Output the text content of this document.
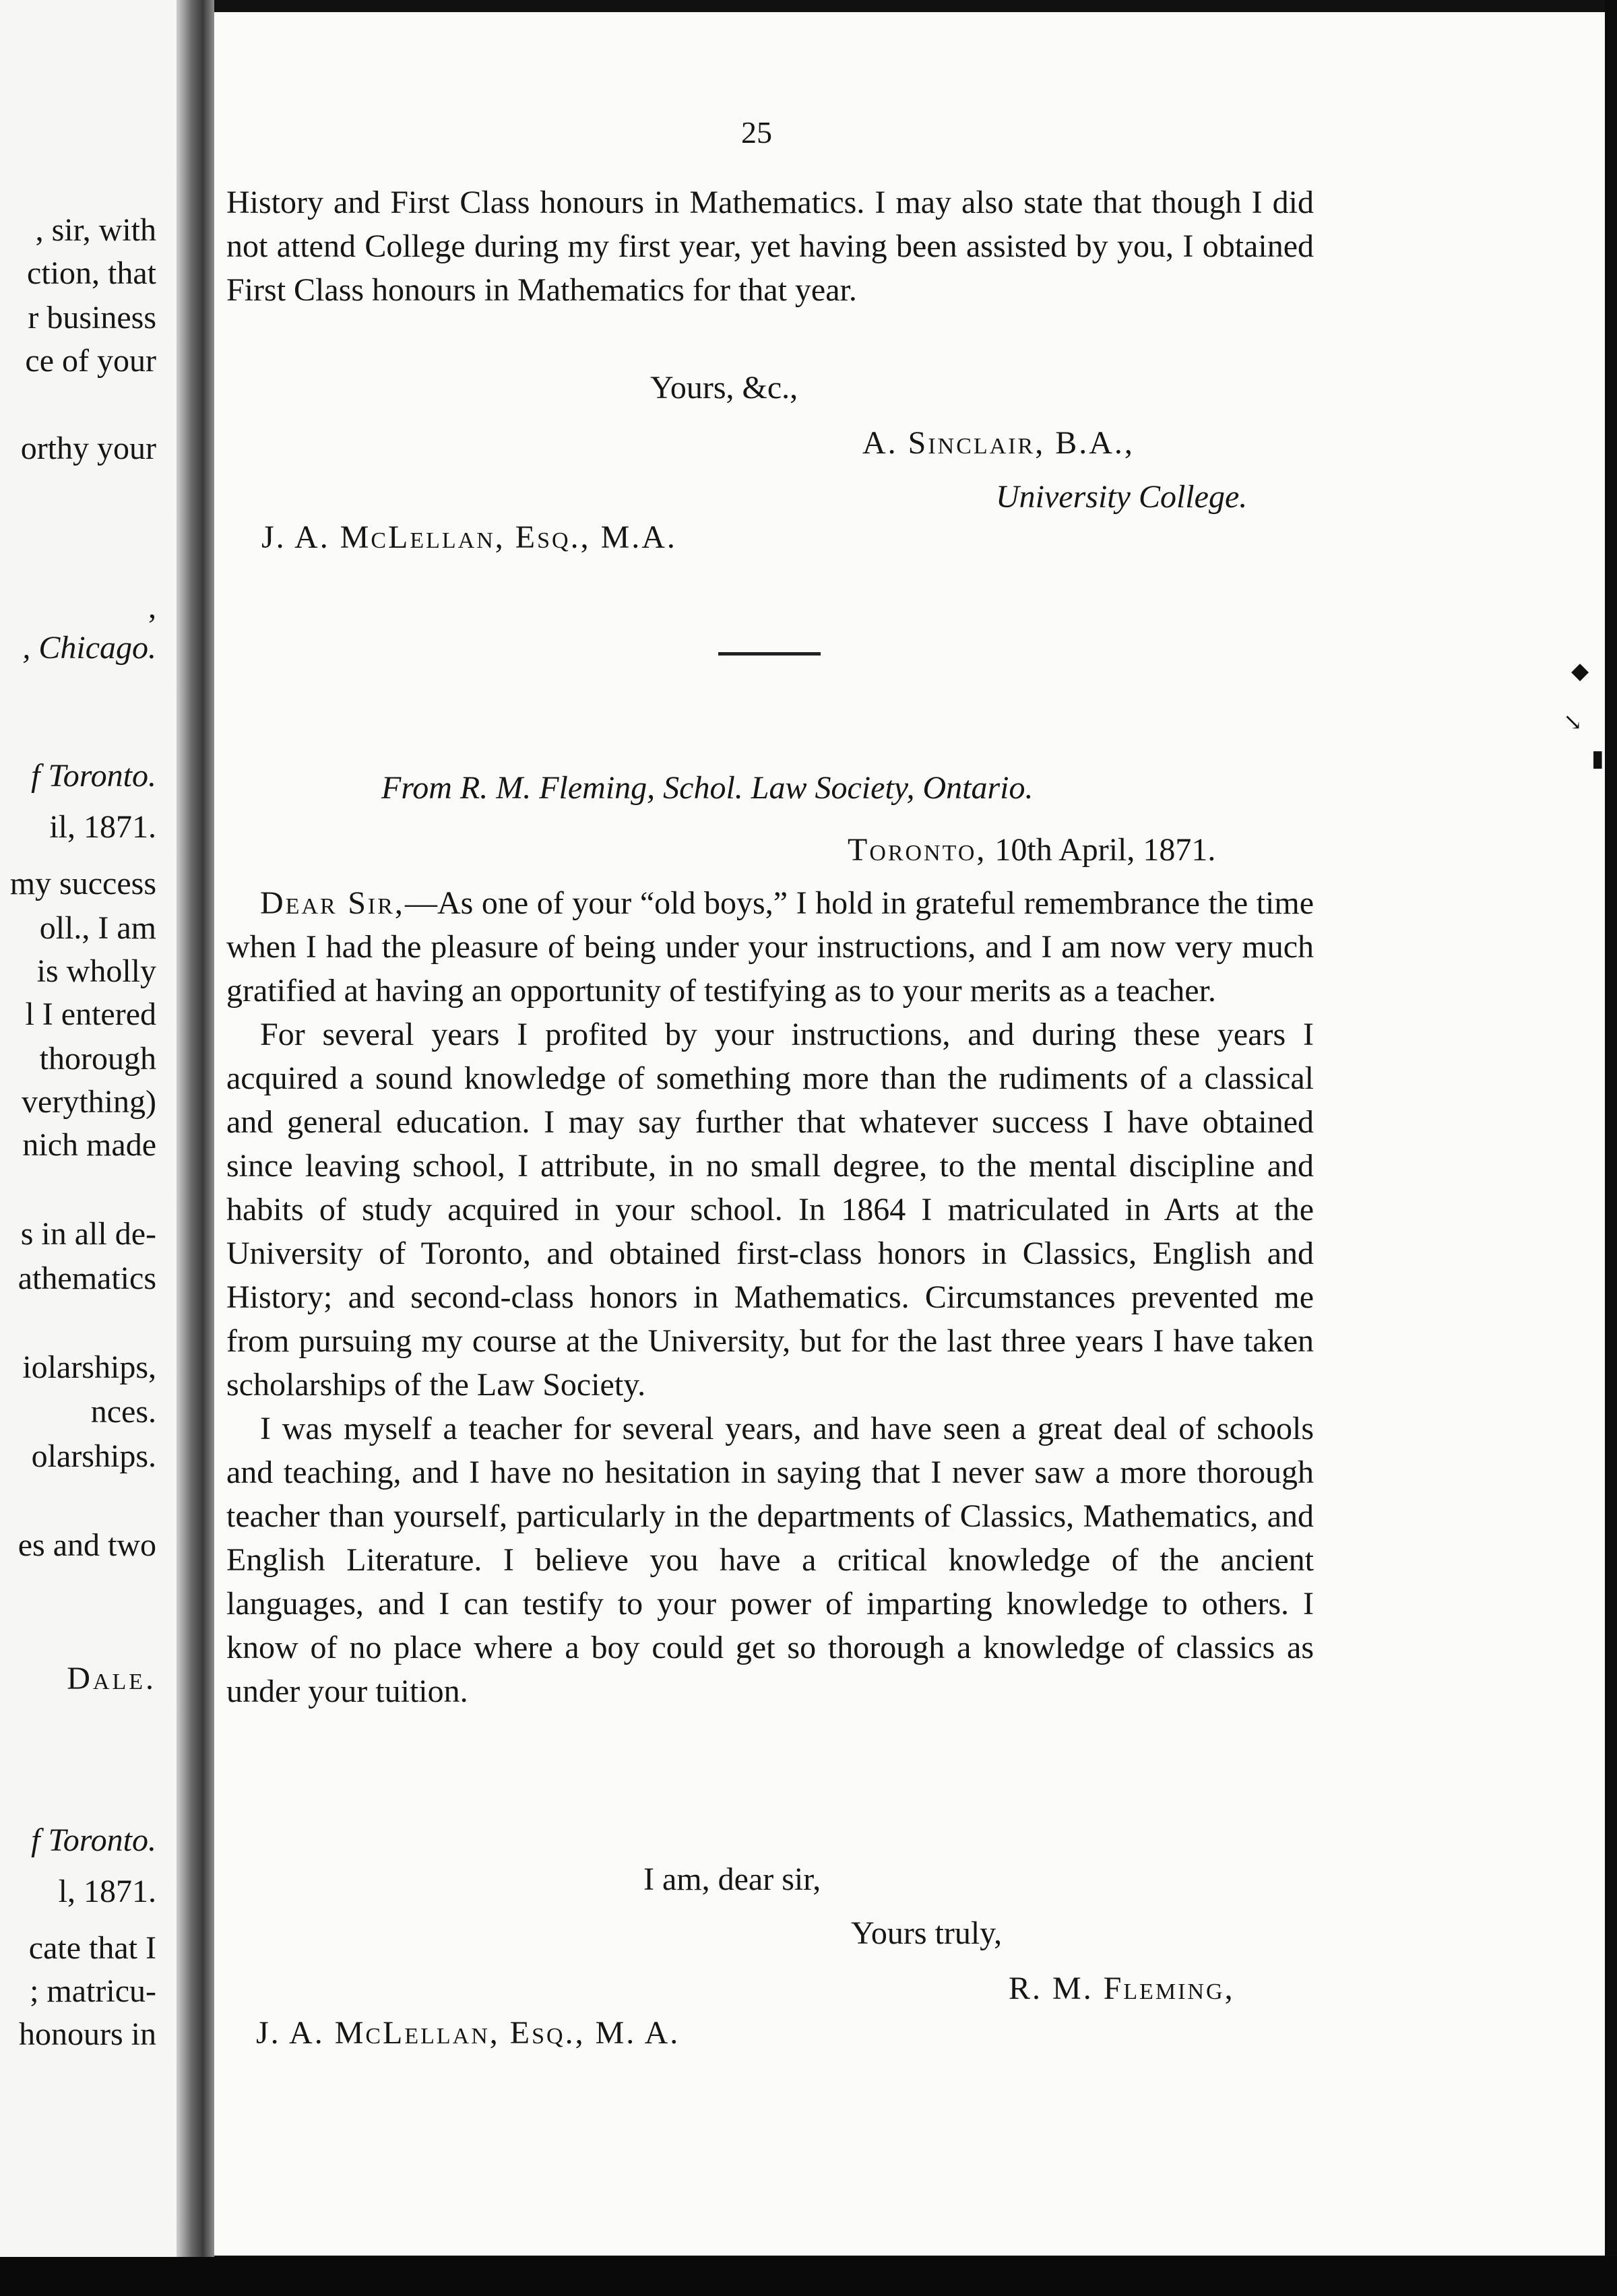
, sir, with
ction, that
r business
ce of your
orthy your
,
, Chicago.
f Toronto.
il, 1871.
my success
oll., I am
is wholly
l I entered
thorough
verything)
nich made
s in all de-
athematics
iolarships,
nces.
olarships.
es and two
Dale.
f Toronto.
l, 1871.
cate that I
; matricu-
honours in
25

History and First Class honours in Mathematics. I may also state that though I did not attend College during my first year, yet having been assisted by you, I obtained First Class honours in Mathematics for that year.

Yours, &c.,
A. Sinclair, B.A.,
University College.
J. A. McLellan, Esq., M.A.
From R. M. Fleming, Schol. Law Society, Ontario.
Toronto, 10th April, 1871.

Dear Sir,—As one of your “old boys,” I hold in grateful remembrance the time when I had the pleasure of being under your instructions, and I am now very much gratified at having an opportunity of testifying as to your merits as a teacher.

For several years I profited by your instructions, and during these years I acquired a sound knowledge of something more than the rudiments of a classical and general education. I may say further that whatever success I have obtained since leaving school, I attribute, in no small degree, to the mental discipline and habits of study acquired in your school. In 1864 I matriculated in Arts at the University of Toronto, and obtained first-class honors in Classics, English and History; and second-class honors in Mathematics. Circumstances prevented me from pursuing my course at the University, but for the last three years I have taken scholarships of the Law Society.

I was myself a teacher for several years, and have seen a great deal of schools and teaching, and I have no hesitation in saying that I never saw a more thorough teacher than yourself, particularly in the departments of Classics, Mathematics, and English Literature. I believe you have a critical knowledge of the ancient languages, and I can testify to your power of imparting knowledge to others. I know of no place where a boy could get so thorough a knowledge of classics as under your tuition.

I am, dear sir,
Yours truly,
R. M. Fleming,
J. A. McLellan, Esq., M. A.
◆
↘
▮
